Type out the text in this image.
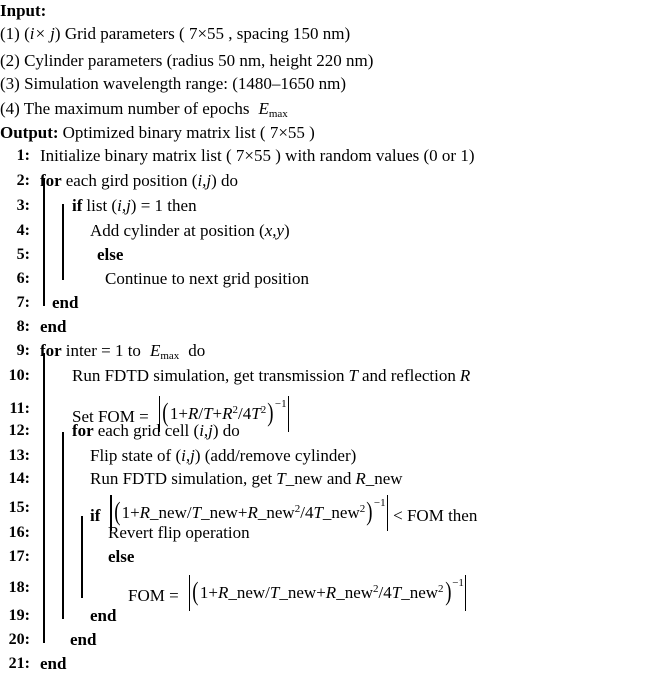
Input:
(1) (i× j) Grid parameters ( 7×55 , spacing 150 nm)
(2) Cylinder parameters (radius 50 nm, height 220 nm)
(3) Simulation wavelength range: (1480–1650 nm)
(4) The maximum number of epochs $E_{max}$
Output: Optimized binary matrix list ( 7×55 )
1: Initialize binary matrix list ( 7×55 ) with random values (0 or 1)
2: for each gird position (i,j) do
3: if list (i,j) = 1 then
4:	Add cylinder at position (x,y)
5:	else
6:	Continue to next grid position
7: end
8: end
9: for inter = 1 to $E_{max}$ do
10: Run FDTD simulation, get transmission T and reflection R
11: Set FOM = $(1+R/T+R^2/4T^2)-1$
12: for each grid cell (i,j) do
13:	Flip state of (i,j) (add/remove cylinder)
14:	Run FDTD simulation, get T_new and R_new
15:	if (1+R_new/T_new+R_new$^2$/4T_new$^2$)−1< FOM then
16:	Revert flip operation
17:	else
18:	FOM = (1+R_new/T_new+R_new$^2$/4T_new$^2$)−1
19:	end
20: end
21: end
